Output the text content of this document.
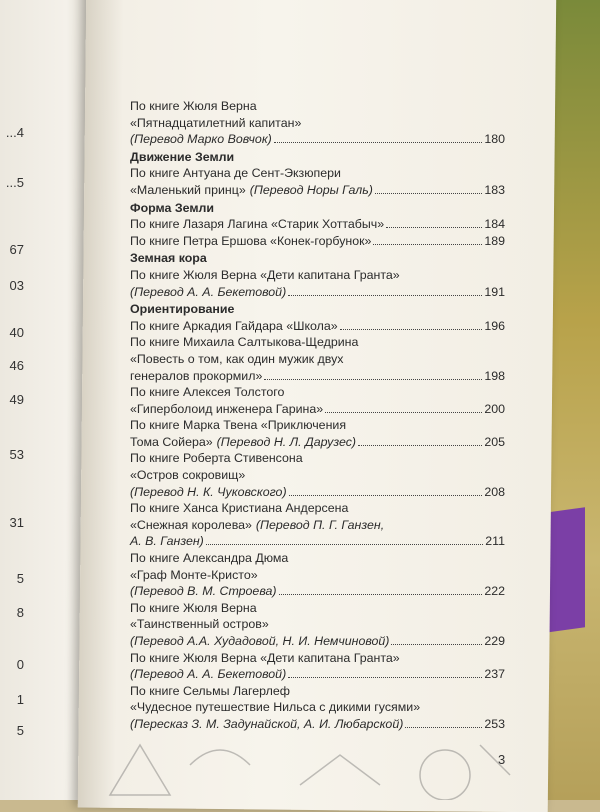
...4
...5
67
03
40
46
49
53
31
5
8
0
1
5
По книге Жюля Верна
«Пятнадцатилетний капитан»
(Перевод Марко Вовчок)	180
Движение Земли
По книге Антуана де Сент-Экзюпери
«Маленький принц» (Перевод Норы Галь)	183
Форма Земли
По книге Лазаря Лагина «Старик Хоттабыч»	184
По книге Петра Ершова «Конек-горбунок»	189
Земная кора
По книге Жюля Верна «Дети капитана Гранта»
(Перевод А. А. Бекетовой)	191
Ориентирование
По книге Аркадия Гайдара «Школа»	196
По книге Михаила Салтыкова-Щедрина
«Повесть о том, как один мужик двух
генералов прокормил»	198
По книге Алексея Толстого
«Гиперболоид инженера Гарина»	200
По книге Марка Твена «Приключения
Тома Сойера» (Перевод Н. Л. Дарузес)	205
По книге Роберта Стивенсона
«Остров сокровищ»
(Перевод Н. К. Чуковского)	208
По книге Ханса Кристиана Андерсена
«Снежная королева» (Перевод П. Г. Ганзен,
А. В. Ганзен)	211
По книге Александра Дюма
«Граф Монте-Кристо»
(Перевод В. М. Строева)	222
По книге Жюля Верна
«Таинственный остров»
(Перевод А.А. Худадовой, Н. И. Немчиновой)	229
По книге Жюля Верна «Дети капитана Гранта»
(Перевод А. А. Бекетовой)	237
По книге Сельмы Лагерлеф
«Чудесное путешествие Нильса с дикими гусями»
(Пересказ З. М. Задунайской, А. И. Любарской)	253
3
